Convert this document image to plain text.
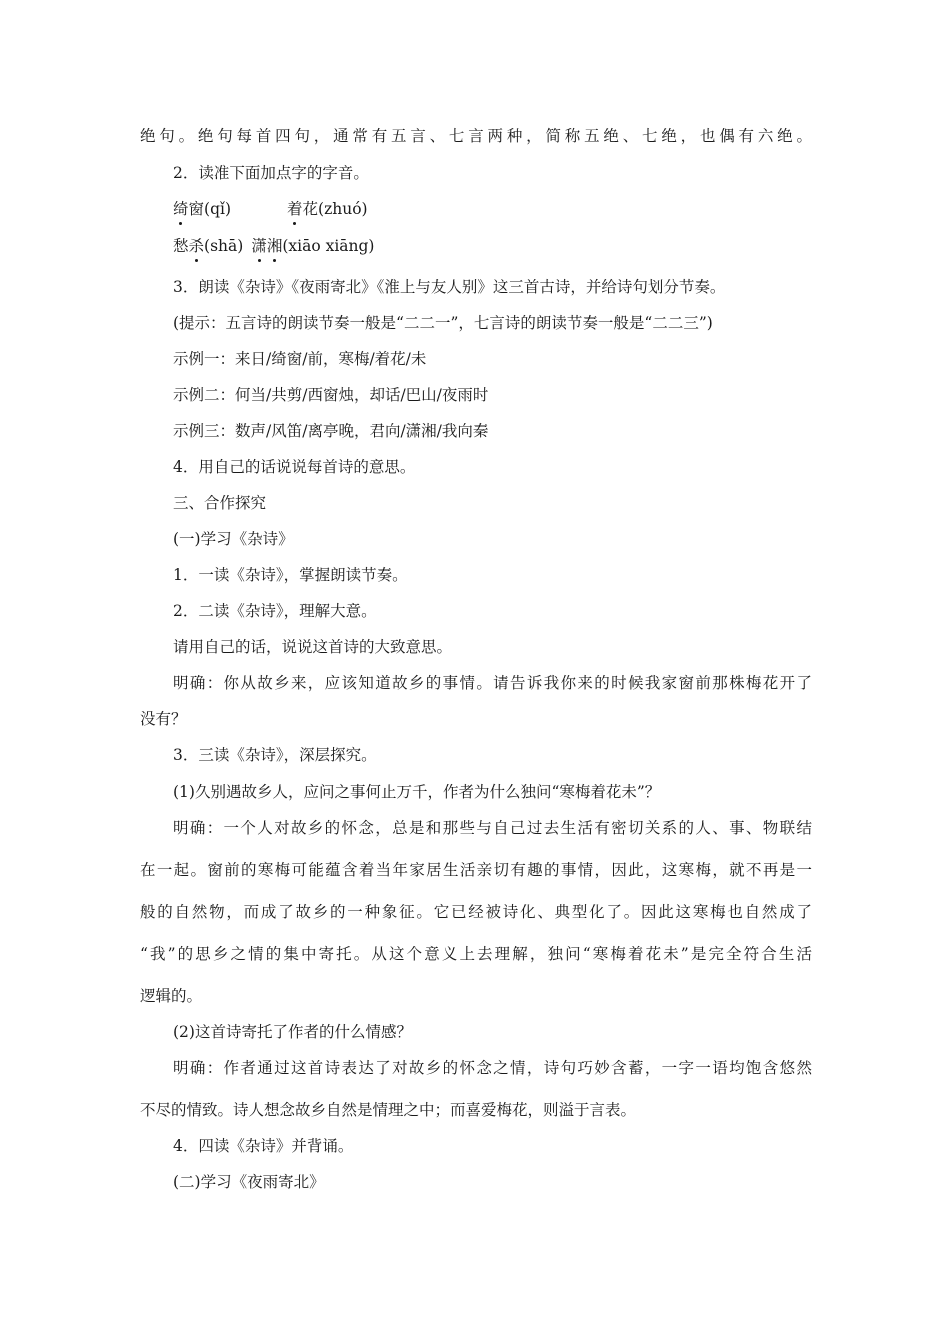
绝句。绝句每首四句，通常有五言、七言两种，简称五绝、七绝，也偶有六绝。
2．读准下面加点字的字音。
绮窗(qǐ)	着花(zhuó)
愁杀(shā) 潇湘(xiāo xiāng)
3．朗读《杂诗》《夜雨寄北》《淮上与友人别》这三首古诗，并给诗句划分节奏。
(提示：五言诗的朗读节奏一般是“二二一”，七言诗的朗读节奏一般是“二二三”)
示例一：来日/绮窗/前，寒梅/着花/未
示例二：何当/共剪/西窗烛，却话/巴山/夜雨时
示例三：数声/风笛/离亭晚，君向/潇湘/我向秦
4．用自己的话说说每首诗的意思。
三、合作探究
(一)学习《杂诗》
1．一读《杂诗》，掌握朗读节奏。
2．二读《杂诗》，理解大意。
请用自己的话，说说这首诗的大致意思。
明确：你从故乡来，应该知道故乡的事情。请告诉我你来的时候我家窗前那株梅花开了
没有？
3．三读《杂诗》，深层探究。
(1)久别遇故乡人，应问之事何止万千，作者为什么独问“寒梅着花未”？
明确：一个人对故乡的怀念，总是和那些与自己过去生活有密切关系的人、事、物联结
在一起。窗前的寒梅可能蕴含着当年家居生活亲切有趣的事情，因此，这寒梅，就不再是一
般的自然物，而成了故乡的一种象征。它已经被诗化、典型化了。因此这寒梅也自然成了
“我”的思乡之情的集中寄托。从这个意义上去理解，独问“寒梅着花未”是完全符合生活
逻辑的。
(2)这首诗寄托了作者的什么情感？
明确：作者通过这首诗表达了对故乡的怀念之情，诗句巧妙含蓄，一字一语均饱含悠然
不尽的情致。诗人想念故乡自然是情理之中；而喜爱梅花，则溢于言表。
4．四读《杂诗》并背诵。
(二)学习《夜雨寄北》
